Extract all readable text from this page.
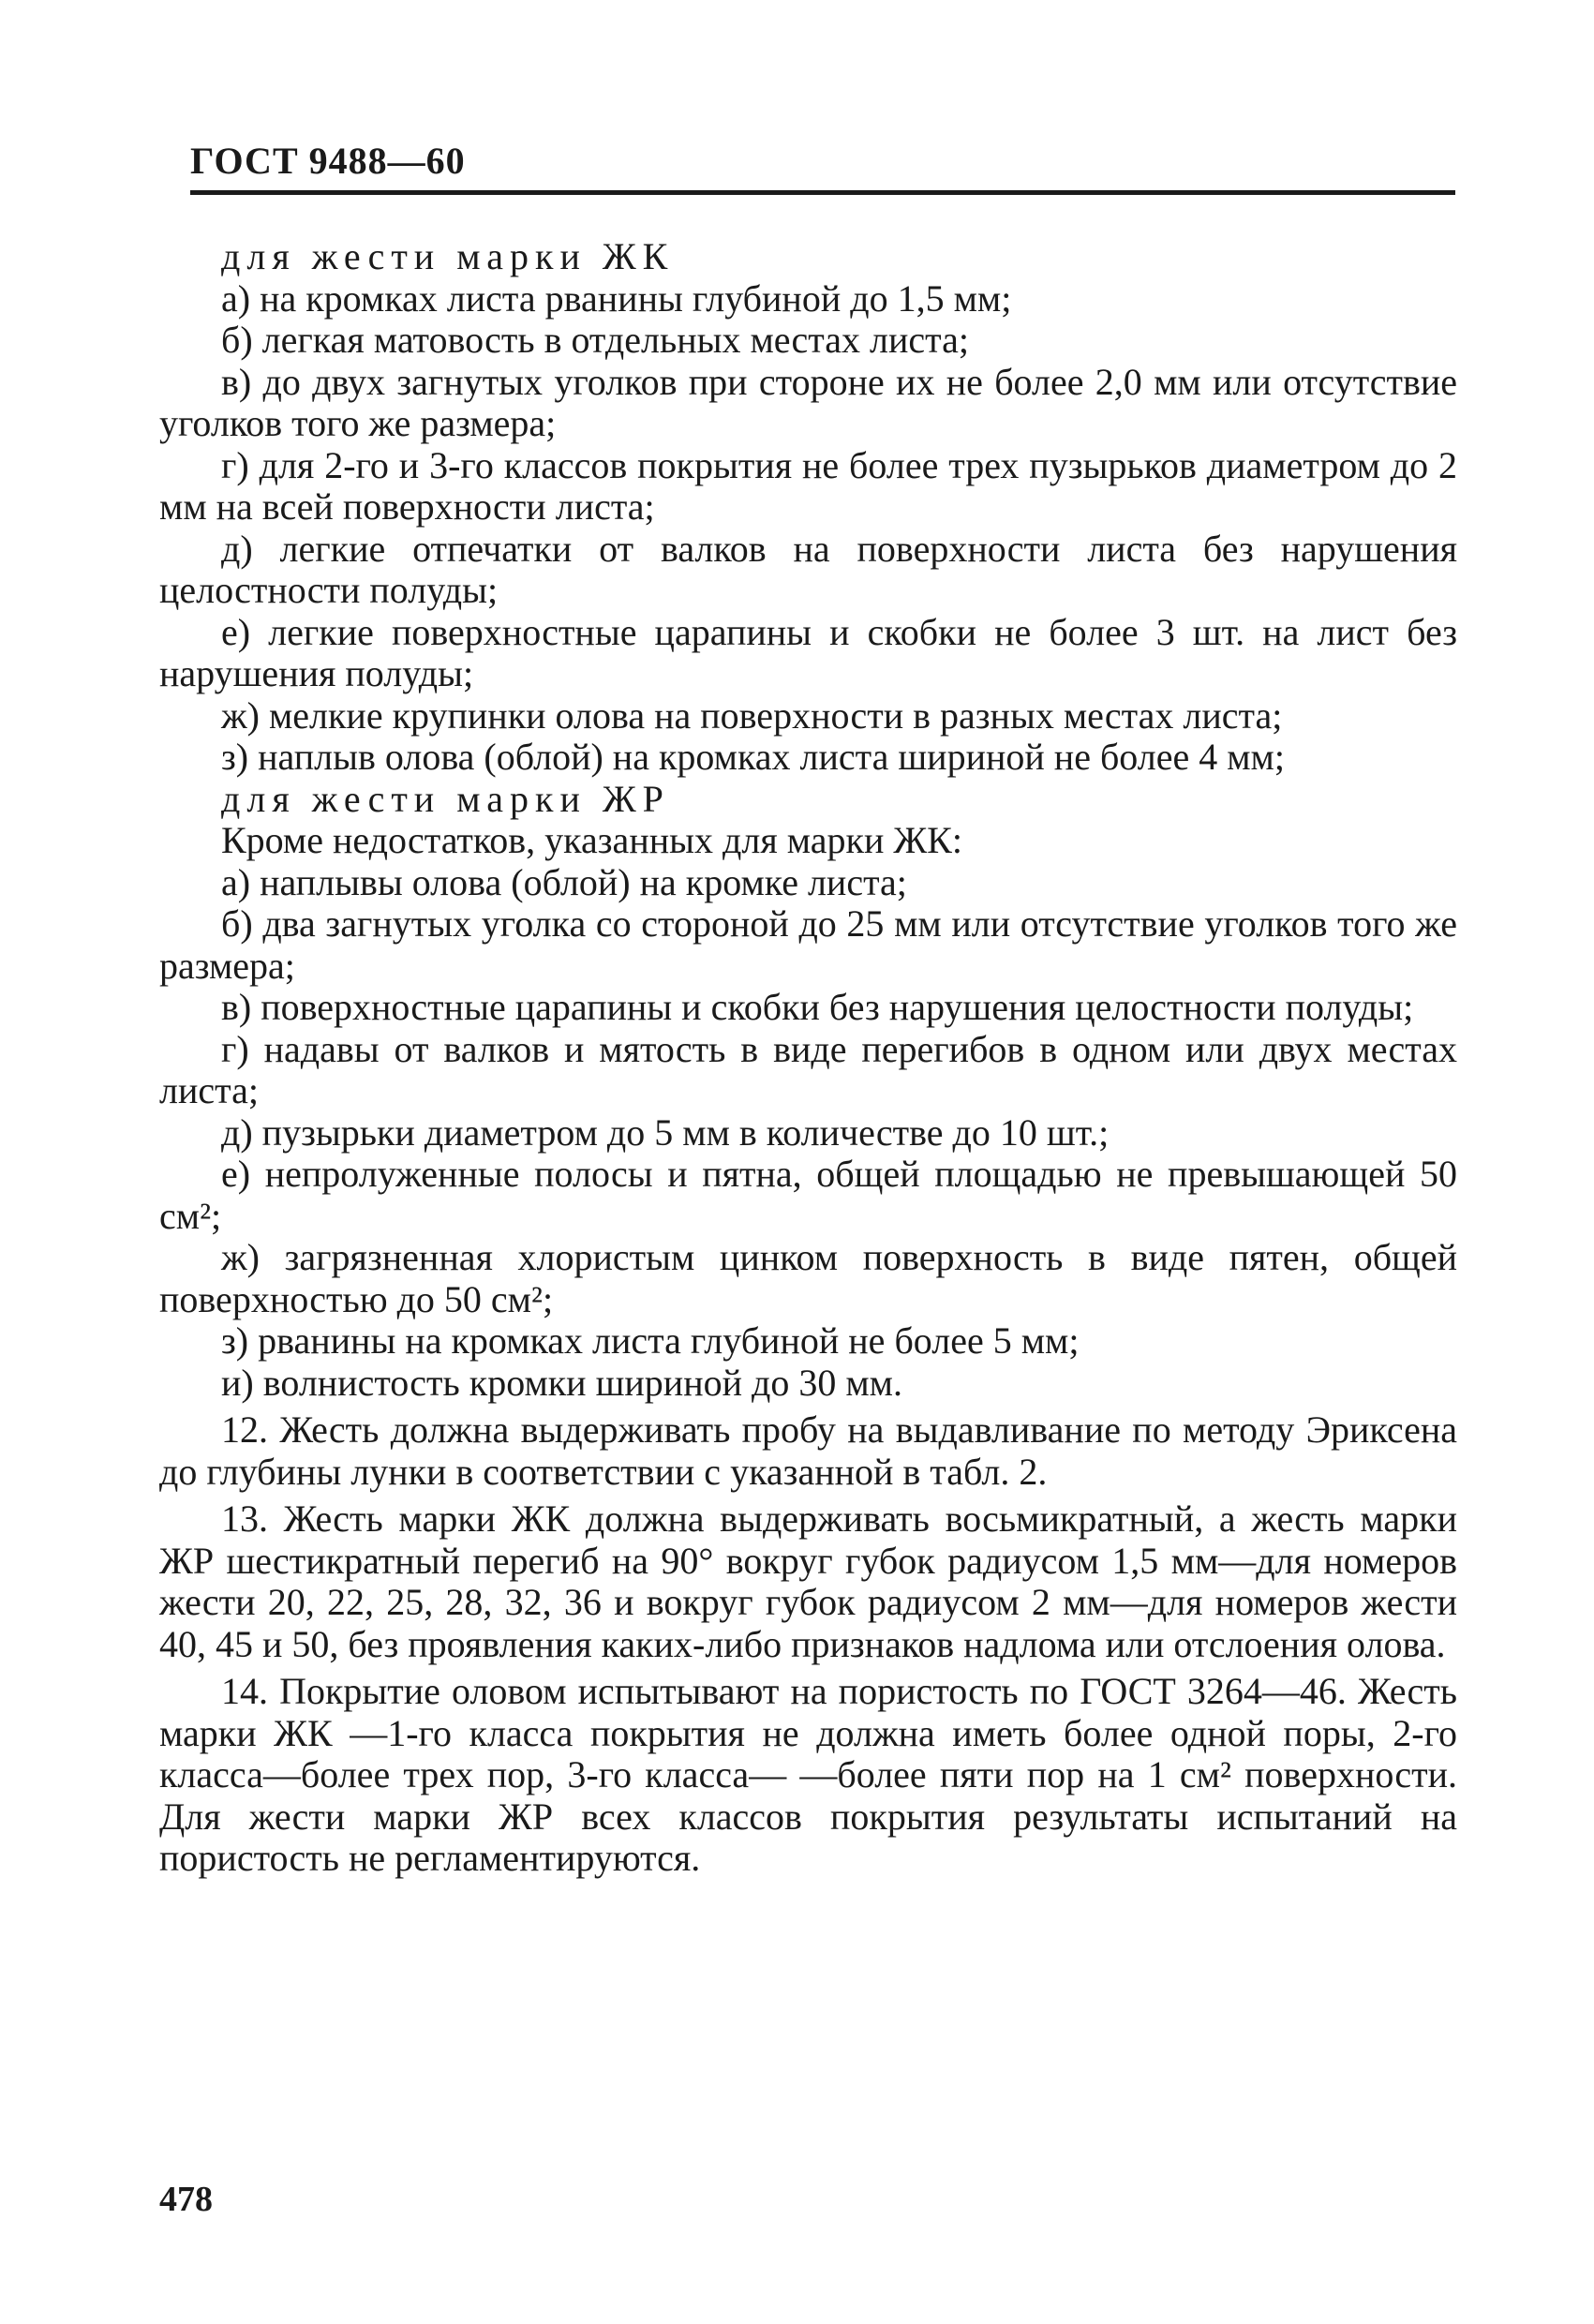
ГОСТ 9488—60

для жести марки ЖК

а) на кромках листа рванины глубиной до 1,5 мм;

б) легкая матовость в отдельных местах листа;

в) до двух загнутых уголков при стороне их не более 2,0 мм или отсутствие уголков того же размера;

г) для 2-го и 3-го классов покрытия не более трех пузырьков диаметром до 2 мм на всей поверхности листа;

д) легкие отпечатки от валков на поверхности листа без нарушения целостности полуды;

е) легкие поверхностные царапины и скобки не более 3 шт. на лист без нарушения полуды;

ж) мелкие крупинки олова на поверхности в разных местах листа;

з) наплыв олова (облой) на кромках листа шириной не более 4 мм;

для жести марки ЖР

Кроме недостатков, указанных для марки ЖК:

а) наплывы олова (облой) на кромке листа;

б) два загнутых уголка со стороной до 25 мм или отсутствие уголков того же размера;

в) поверхностные царапины и скобки без нарушения целостности полуды;

г) надавы от валков и мятость в виде перегибов в одном или двух местах листа;

д) пузырьки диаметром до 5 мм в количестве до 10 шт.;

е) непролуженные полосы и пятна, общей площадью не превышающей 50 см²;

ж) загрязненная хлористым цинком поверхность в виде пятен, общей поверхностью до 50 см²;

з) рванины на кромках листа глубиной не более 5 мм;

и) волнистость кромки шириной до 30 мм.

12. Жесть должна выдерживать пробу на выдавливание по методу Эриксена до глубины лунки в соответствии с указанной в табл. 2.

13. Жесть марки ЖК должна выдерживать восьмикратный, а жесть марки ЖР шестикратный перегиб на 90° вокруг губок радиусом 1,5 мм—для номеров жести 20, 22, 25, 28, 32, 36 и вокруг губок радиусом 2 мм—для номеров жести 40, 45 и 50, без проявления каких-либо признаков надлома или отслоения олова.

14. Покрытие оловом испытывают на пористость по ГОСТ 3264—46. Жесть марки ЖК —1-го класса покрытия не должна иметь более одной поры, 2-го класса—более трех пор, 3-го класса— —более пяти пор на 1 см² поверхности. Для жести марки ЖР всех классов покрытия результаты испытаний на пористость не регламентируются.

478
